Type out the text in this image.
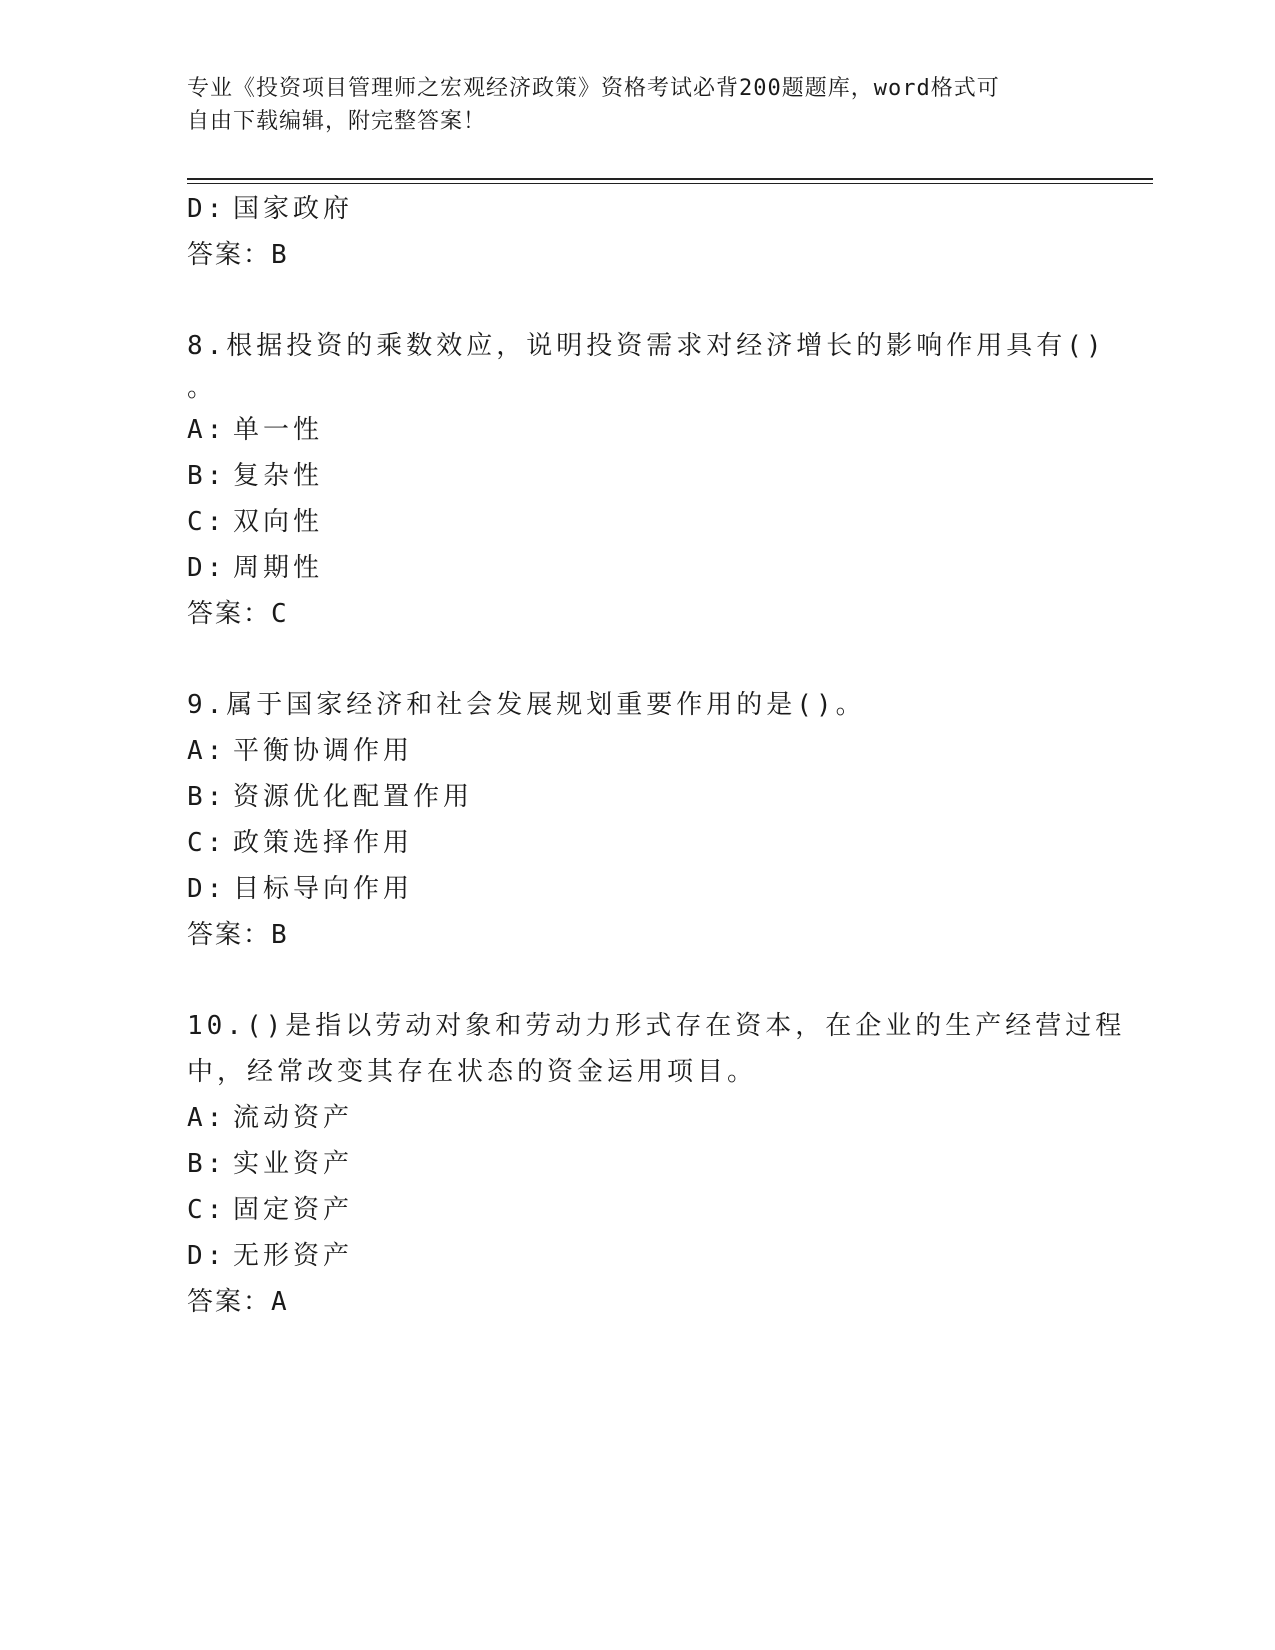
专业《投资项目管理师之宏观经济政策》资格考试必背200题题库，word格式可
自由下载编辑，附完整答案！
D: 国家政府
答案：B
8.根据投资的乘数效应，说明投资需求对经济增长的影响作用具有()
。
A: 单一性
B: 复杂性
C: 双向性
D: 周期性
答案：C
9.属于国家经济和社会发展规划重要作用的是()。
A: 平衡协调作用
B: 资源优化配置作用
C: 政策选择作用
D: 目标导向作用
答案：B
10.()是指以劳动对象和劳动力形式存在资本，在企业的生产经营过程
中，经常改变其存在状态的资金运用项目。
A: 流动资产
B: 实业资产
C: 固定资产
D: 无形资产
答案：A
